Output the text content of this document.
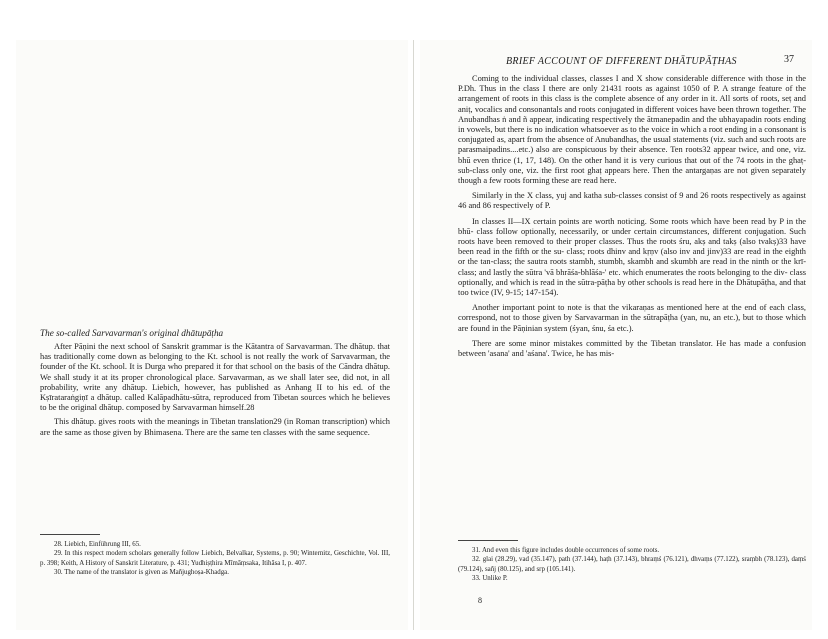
The so-called Sarvavarman's original dhātupāṭha

After Pāṇini the next school of Sanskrit grammar is the Kātantra of Sarvavarman. The dhātup. that has traditionally come down as belonging to the Kt. school is not really the work of Sarvavarman, the founder of the Kt. school. It is Durga who prepared it for that school on the basis of the Cāndra dhātup. We shall study it at its proper chronological place. Sarvavarman, as we shall later see, did not, in all probability, write any dhātup. Liebich, however, has published as Anhang II to his ed. of the Kṣīrataraṅgiṇī a dhātup. called Kalāpadhātu-sūtra, reproduced from Tibetan sources which he believes to be the original dhātup. composed by Sarvavarman himself.28

This dhātup. gives roots with the meanings in Tibetan translation29 (in Roman transcription) which are the same as those given by Bhimasena. There are the same ten classes with the same sequence.

28. Liebich, Einführung III, 65.

29. In this respect modern scholars generally follow Liebich, Belvalkar, Systems, p. 90; Winternitz, Geschichte, Vol. III, p. 398; Keith, A History of Sanskrit Literature, p. 431; Yudhiṣṭhira Mīmāṃsaka, Itihāsa I, p. 407.

30. The name of the translator is given as Mañjughoṣa-Khadga.

BRIEF ACCOUNT OF DIFFERENT DHĀTUPĀṬHAS	37

Coming to the individual classes, classes I and X show considerable difference with those in the P.Dh. Thus in the class I there are only 21431 roots as against 1050 of P. A strange feature of the arrangement of roots in this class is the complete absence of any order in it. All sorts of roots, seṭ and aniṭ, vocalics and consonantals and roots conjugated in different voices have been thrown together. The Anubandhas ṅ and ñ appear, indicating respectively the ātmanepadin and the ubhayapadin roots ending in vowels, but there is no indication whatsoever as to the voice in which a root ending in a consonant is conjugated as, apart from the absence of Anubandhas, the usual statements (viz. such and such roots are parasmaipadins....etc.) also are conspicuous by their absence. Ten roots32 appear twice, and one, viz. bhū even thrice (1, 17, 148). On the other hand it is very curious that out of the 74 roots in the ghaṭ- sub-class only one, viz. the first root ghaṭ appears here. Then the antargaṇas are not given separately though a few roots forming these are read here.

Similarly in the X class, yuj and katha sub-classes consist of 9 and 26 roots respectively as against 46 and 86 respectively of P.

In classes II—IX certain points are worth noticing. Some roots which have been read by P in the bhū- class follow optionally, necessarily, or under certain circumstances, different conjugation. Such roots have been removed to their proper classes. Thus the roots śru, akṣ and takṣ (also tvakṣ)33 have been read in the fifth or the su- class; roots dhinv and kṛṇv (also inv and jinv)33 are read in the eighth or the tan-class; the sautra roots stambh, stumbh, skambh and skumbh are read in the ninth or the krī-class; and lastly the sūtra 'vā bhrāśa-bhlāśa-' etc. which enumerates the roots belonging to the div- class optionally, and which is read in the sūtra-pāṭha by other schools is read here in the Dhātupāṭha, and that too twice (IV, 9-15; 147-154).

Another important point to note is that the vikaraṇas as mentioned here at the end of each class, correspond, not to those given by Sarvavarman in the sūtrapāṭha (yan, nu, an etc.), but to those which are found in the Pāṇinian system (śyan, śnu, śa etc.).

There are some minor mistakes committed by the Tibetan translator. He has made a confusion between 'asana' and 'aśana'. Twice, he has mis-

31. And even this figure includes double occurrences of some roots.

32. glai (28.29), vad (35.147), path (37.144), haṭh (37.143), bhraṃś (76.121), dhvaṃs (77.122), sraṃbh (78.123), daṃś (79.124), sañj (80.125), and srp (105.141).

33. Unlike P.

8
